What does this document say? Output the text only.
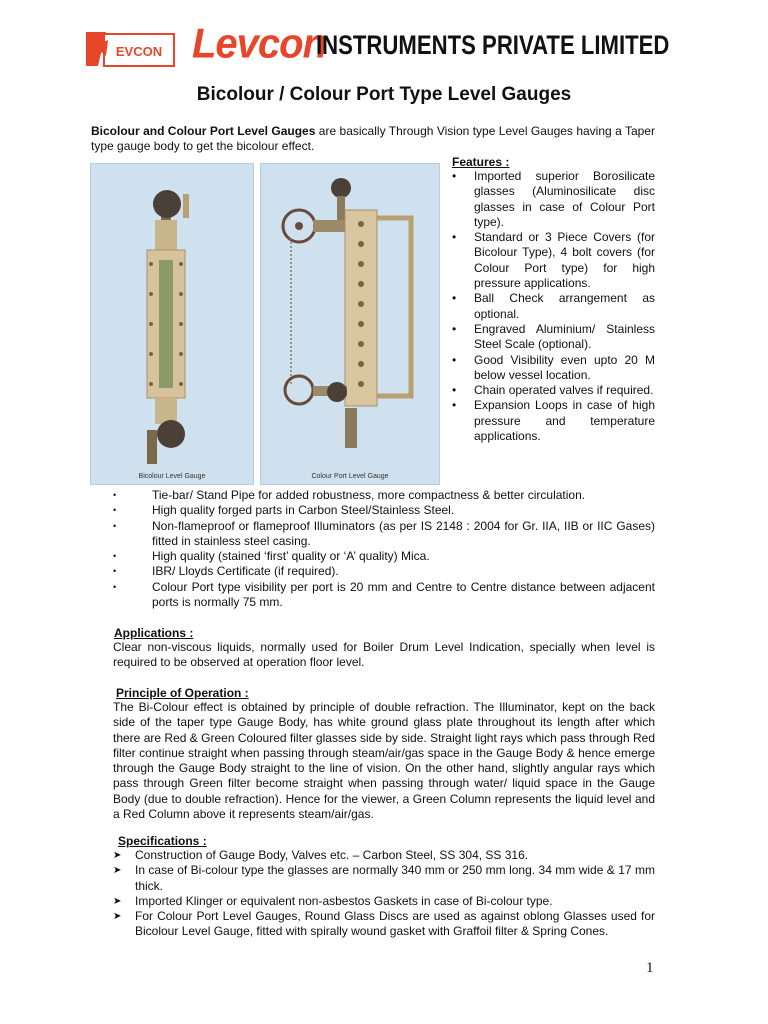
EVCON Levcon
INSTRUMENTS PRIVATE LIMITED
Bicolour / Colour Port Type Level Gauges
Bicolour and Colour Port Level Gauges are basically Through Vision type Level Gauges having a Taper type gauge body to get the bicolour effect.
Bicolour Level Gauge	Colour Port Level Gauge
Features :
• Imported superior Borosilicate glasses (Aluminosilicate disc glasses in case of Colour Port type).
• Standard or 3 Piece Covers (for Bicolour Type), 4 bolt covers (for Colour Port type) for high pressure applications.
• Ball Check arrangement as optional.
• Engraved Aluminium/ Stainless Steel Scale (optional).
• Good Visibility even upto 20 M below vessel location.
• Chain operated valves if required.
• Expansion Loops in case of high pressure and temperature applications.
• Tie-bar/ Stand Pipe for added robustness, more compactness & better circulation.
• High quality forged parts in Carbon Steel/Stainless Steel.
• Non-flameproof or flameproof Illuminators (as per IS 2148 : 2004 for Gr. IIA, IIB or IIC Gases) fitted in stainless steel casing.
• High quality (stained ‘first’ quality or ‘A’ quality) Mica.
• IBR/ Lloyds Certificate (if required).
• Colour Port type visibility per port is 20 mm and Centre to Centre distance between adjacent ports is normally 75 mm.
Applications :
Clear non-viscous liquids, normally used for Boiler Drum Level Indication, specially when level is required to be observed at operation floor level.
Principle of Operation :
The Bi-Colour effect is obtained by principle of double refraction. The Illuminator, kept on the back side of the taper type Gauge Body, has white ground glass plate throughout its length after which there are Red & Green Coloured filter glasses side by side. Straight light rays which pass through Red filter continue straight when passing through steam/air/gas space in the Gauge Body & hence emerge through the Gauge Body straight to the line of vision. On the other hand, slightly angular rays which pass through Green filter become straight when passing through water/ liquid space in the Gauge Body (due to double refraction). Hence for the viewer, a Green Column represents the liquid level and a Red Column above it represents steam/air/gas.
Specifications :
➤ Construction of Gauge Body, Valves etc. – Carbon Steel, SS 304, SS 316.
➤ In case of Bi-colour type the glasses are normally 340 mm or 250 mm long. 34 mm wide & 17 mm thick.
➤ Imported Klinger or equivalent non-asbestos Gaskets in case of Bi-colour type.
➤ For Colour Port Level Gauges, Round Glass Discs are used as against oblong Glasses used for Bicolour Level Gauge, fitted with spirally wound gasket with Graffoil filter & Spring Cones.
1
